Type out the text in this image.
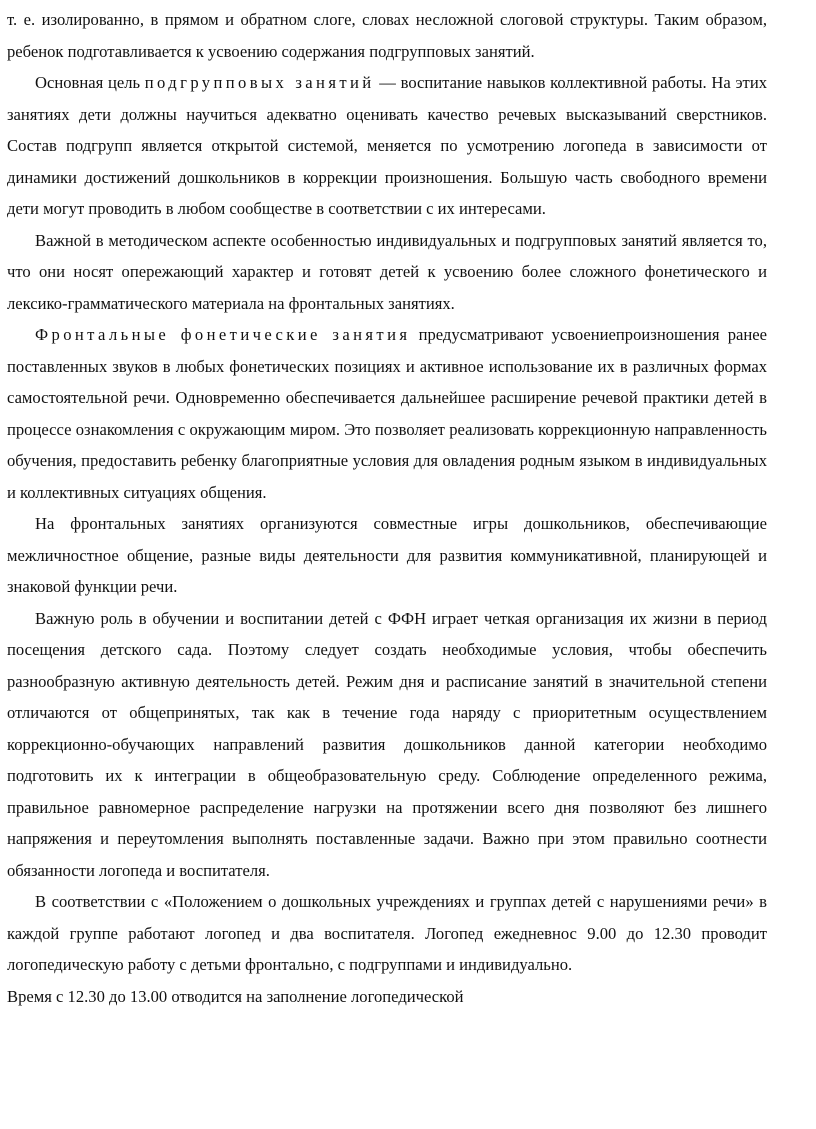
т. е. изолированно, в прямом и обратном слоге, словах несложной слоговой структуры. Таким образом, ребенок подготавливается к усвоению содержания подгрупповых занятий.

Основная цель подгрупповых занятий — воспитание навыков коллективной работы. На этих занятиях дети должны научиться адекватно оценивать качество речевых высказываний сверстников. Состав подгрупп является открытой системой, меняется по усмотрению логопеда в зависимости от динамики достижений дошкольников в коррекции произношения. Большую часть свободного времени дети могут проводить в любом сообществе в соответствии с их интересами.

Важной в методическом аспекте особенностью индивидуальных и подгрупповых занятий является то, что они носят опережающий характер и готовят детей к усвоению более сложного фонетического и лексико-грамматического материала на фронтальных занятиях.

Фронтальные фонетические занятия предусматривают усвоениепроизношения ранее поставленных звуков в любых фонетических позициях и активное использование их в различных формах самостоятельной речи. Одновременно обеспечивается дальнейшее расширение речевой практики детей в процессе ознакомления с окружающим миром. Это позволяет реализовать коррекционную направленность обучения, предоставить ребенку благоприятные условия для овладения родным языком в индивидуальных и коллективных ситуациях общения.

На фронтальных занятиях организуются совместные игры дошкольников, обеспечивающие межличностное общение, разные виды деятельности для развития коммуникативной, планирующей и знаковой функции речи.

Важную роль в обучении и воспитании детей с ФФН играет четкая организация их жизни в период посещения детского сада. Поэтому следует создать необходимые условия, чтобы обеспечить разнообразную активную деятельность детей. Режим дня и расписание занятий в значительной степени отличаются от общепринятых, так как в течение года наряду с приоритетным осуществлением коррекционно-обучающих направлений развития дошкольников данной категории необходимо подготовить их к интеграции в общеобразовательную среду. Соблюдение определенного режима, правильное равномерное распределение нагрузки на протяжении всего дня позволяют без лишнего напряжения и переутомления выполнять поставленные задачи. Важно при этом правильно соотнести обязанности логопеда и воспитателя.

В соответствии с «Положением о дошкольных учреждениях и группах детей с нарушениями речи» в каждой группе работают логопед и два воспитателя. Логопед ежедневнос 9.00 до 12.30 проводит логопедическую работу с детьми фронтально, с подгруппами и индивидуально.

Время с 12.30 до 13.00 отводится на заполнение логопедической
